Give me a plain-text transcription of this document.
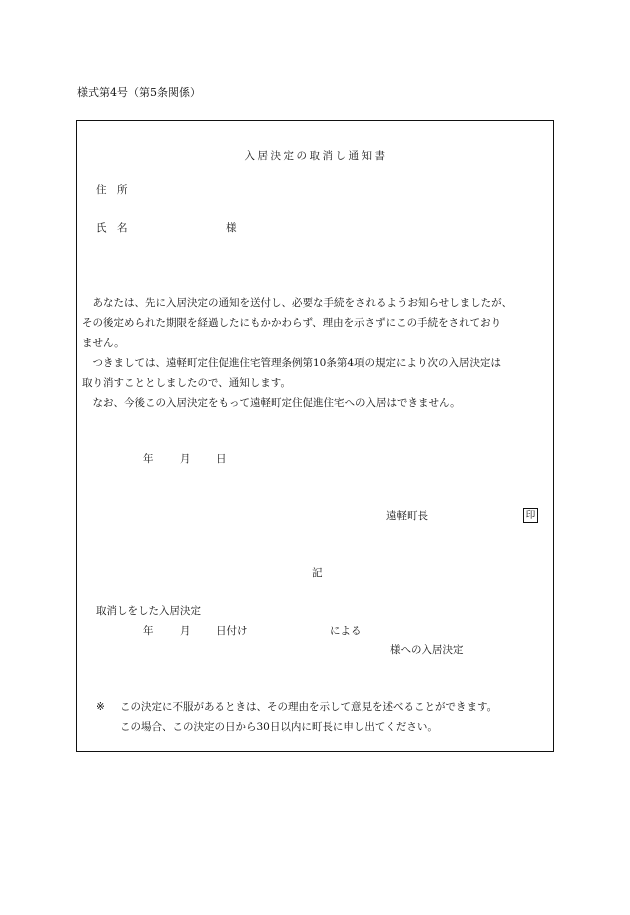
様式第4号（第5条関係）
入居決定の取消し通知書
住　所
氏　名	様
　あなたは、先に入居決定の通知を送付し、必要な手続をされるようお知らせしましたが、
その後定められた期限を経過したにもかかわらず、理由を示さずにこの手続をされており
ません。
　つきましては、遠軽町定住促進住宅管理条例第10条第4項の規定により次の入居決定は
取り消すこととしましたので、通知します。
　なお、今後この入居決定をもって遠軽町定住促進住宅への入居はできません。
年	月 日
遠軽町長	印
記
取消しをした入居決定
年	月 日付け	による
様への入居決定
※ この決定に不服があるときは、その理由を示して意見を述べることができます。
この場合、この決定の日から30日以内に町長に申し出てください。
